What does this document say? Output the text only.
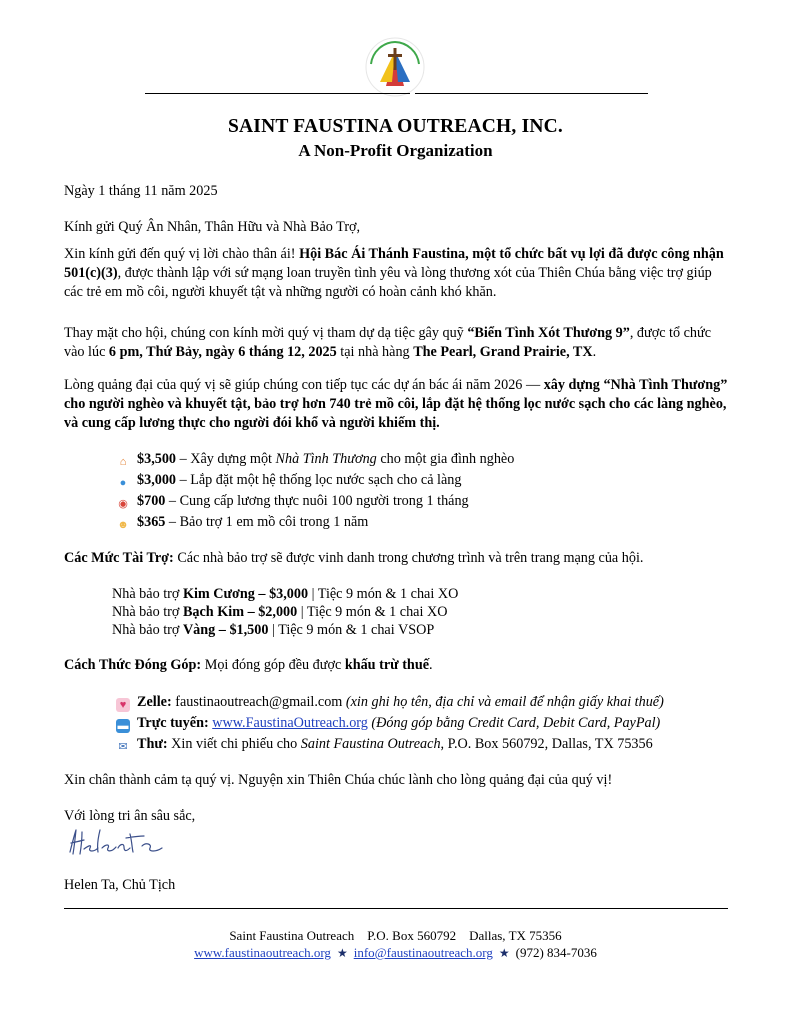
SAINT FAUSTINA OUTREACH, INC.
A Non-Profit Organization
Ngày 1 tháng 11 năm 2025
Kính gửi Quý Ân Nhân, Thân Hữu và Nhà Bảo Trợ,
Xin kính gửi đến quý vị lời chào thân ái! Hội Bác Ái Thánh Faustina, một tổ chức bất vụ lợi đã được công nhận 501(c)(3), được thành lập với sứ mạng loan truyền tình yêu và lòng thương xót của Thiên Chúa bằng việc trợ giúp các trẻ em mồ côi, người khuyết tật và những người có hoàn cảnh khó khăn.
Thay mặt cho hội, chúng con kính mời quý vị tham dự dạ tiệc gây quỹ “Biển Tình Xót Thương 9”, được tổ chức vào lúc 6 pm, Thứ Bảy, ngày 6 tháng 12, 2025 tại nhà hàng The Pearl, Grand Prairie, TX.
Lòng quảng đại của quý vị sẽ giúp chúng con tiếp tục các dự án bác ái năm 2026 — xây dựng “Nhà Tình Thương” cho người nghèo và khuyết tật, bảo trợ hơn 740 trẻ mồ côi, lắp đặt hệ thống lọc nước sạch cho các làng nghèo, và cung cấp lương thực cho người đói khổ và người khiếm thị.
⌂ $3,500 – Xây dựng một Nhà Tình Thương cho một gia đình nghèo
● $3,000 – Lắp đặt một hệ thống lọc nước sạch cho cả làng
◉ $700 – Cung cấp lương thực nuôi 100 người trong 1 tháng
☻ $365 – Bảo trợ 1 em mồ côi trong 1 năm
Các Mức Tài Trợ: Các nhà bảo trợ sẽ được vinh danh trong chương trình và trên trang mạng của hội.
Nhà bảo trợ Kim Cương – $3,000 | Tiệc 9 món & 1 chai XO
Nhà bảo trợ Bạch Kim – $2,000 | Tiệc 9 món & 1 chai XO
Nhà bảo trợ Vàng – $1,500 | Tiệc 9 món & 1 chai VSOP
Cách Thức Đóng Góp: Mọi đóng góp đều được khấu trừ thuế.
♥ Zelle: faustinaoutreach@gmail.com (xin ghi họ tên, địa chỉ và email để nhận giấy khai thuế)
▬ Trực tuyến: www.FaustinaOutreach.org (Đóng góp bằng Credit Card, Debit Card, PayPal)
✉ Thư: Xin viết chi phiếu cho Saint Faustina Outreach, P.O. Box 560792, Dallas, TX 75356
Xin chân thành cảm tạ quý vị. Nguyện xin Thiên Chúa chúc lành cho lòng quảng đại của quý vị!
Với lòng tri ân sâu sắc,
Helen Ta, Chủ Tịch
Saint Faustina Outreach    P.O. Box 560792    Dallas, TX 75356
www.faustinaoutreach.org ★ info@faustinaoutreach.org ★ (972) 834-7036
